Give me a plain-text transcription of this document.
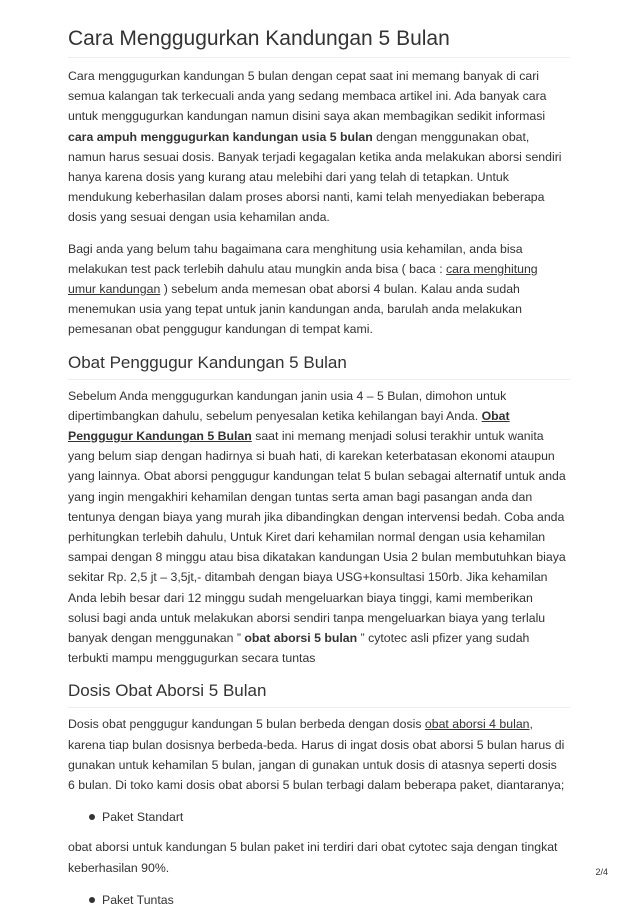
Cara Menggugurkan Kandungan 5 Bulan

Cara menggugurkan kandungan 5 bulan dengan cepat saat ini memang banyak di cari
semua kalangan tak terkecuali anda yang sedang membaca artikel ini. Ada banyak cara
untuk menggugurkan kandungan namun disini saya akan membagikan sedikit informasi
cara ampuh menggugurkan kandungan usia 5 bulan dengan menggunakan obat,
namun harus sesuai dosis. Banyak terjadi kegagalan ketika anda melakukan aborsi sendiri
hanya karena dosis yang kurang atau melebihi dari yang telah di tetapkan. Untuk
mendukung keberhasilan dalam proses aborsi nanti, kami telah menyediakan beberapa
dosis yang sesuai dengan usia kehamilan anda.

Bagi anda yang belum tahu bagaimana cara menghitung usia kehamilan, anda bisa
melakukan test pack terlebih dahulu atau mungkin anda bisa ( baca : cara menghitung
umur kandungan ) sebelum anda memesan obat aborsi 4 bulan. Kalau anda sudah
menemukan usia yang tepat untuk janin kandungan anda, barulah anda melakukan
pemesanan obat penggugur kandungan di tempat kami.

Obat Penggugur Kandungan 5 Bulan

Sebelum Anda menggugurkan kandungan janin usia 4 – 5 Bulan, dimohon untuk
dipertimbangkan dahulu, sebelum penyesalan ketika kehilangan bayi Anda. Obat
Penggugur Kandungan 5 Bulan saat ini memang menjadi solusi terakhir untuk wanita
yang belum siap dengan hadirnya si buah hati, di karekan keterbatasan ekonomi ataupun
yang lainnya. Obat aborsi penggugur kandungan telat 5 bulan sebagai alternatif untuk anda
yang ingin mengakhiri kehamilan dengan tuntas serta aman bagi pasangan anda dan
tentunya dengan biaya yang murah jika dibandingkan dengan intervensi bedah. Coba anda
perhitungkan terlebih dahulu, Untuk Kiret dari kehamilan normal dengan usia kehamilan
sampai dengan 8 minggu atau bisa dikatakan kandungan Usia 2 bulan membutuhkan biaya
sekitar Rp. 2,5 jt – 3,5jt,- ditambah dengan biaya USG+konsultasi 150rb. Jika kehamilan
Anda lebih besar dari 12 minggu sudah mengeluarkan biaya tinggi, kami memberikan
solusi bagi anda untuk melakukan aborsi sendiri tanpa mengeluarkan biaya yang terlalu
banyak dengan menggunakan ” obat aborsi 5 bulan ” cytotec asli pfizer yang sudah
terbukti mampu menggugurkan secara tuntas

Dosis Obat Aborsi 5 Bulan

Dosis obat penggugur kandungan 5 bulan berbeda dengan dosis obat aborsi 4 bulan,
karena tiap bulan dosisnya berbeda-beda. Harus di ingat dosis obat aborsi 5 bulan harus di
gunakan untuk kehamilan 5 bulan, jangan di gunakan untuk dosis di atasnya seperti dosis
6 bulan. Di toko kami dosis obat aborsi 5 bulan terbagi dalam beberapa paket, diantaranya;

Paket Standart

obat aborsi untuk kandungan 5 bulan paket ini terdiri dari obat cytotec saja dengan tingkat
keberhasilan 90%.

Paket Tuntas
2/4
